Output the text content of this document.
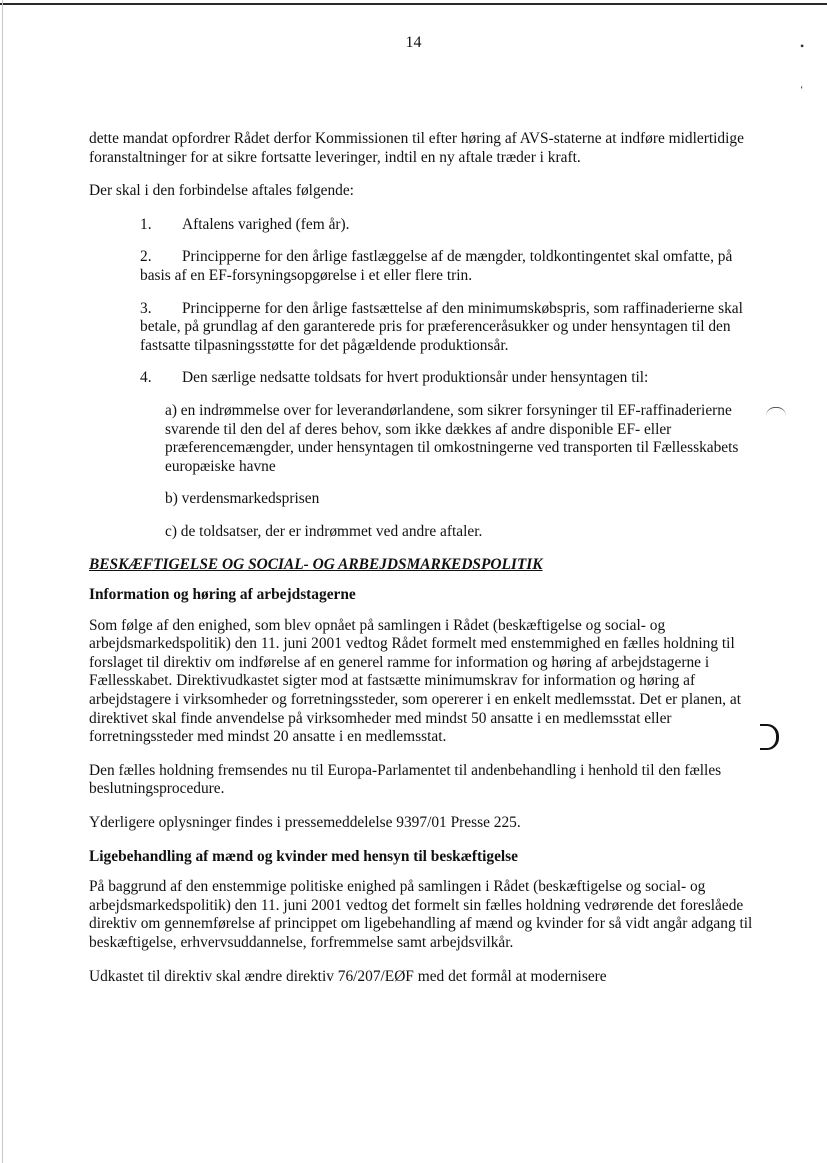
14	•
ʻ

dette mandat opfordrer Rådet derfor Kommissionen til efter høring af AVS-staterne at indføre midlertidige foranstaltninger for at sikre fortsatte leveringer, indtil en ny aftale træder i kraft.

Der skal i den forbindelse aftales følgende:

1. Aftalens varighed (fem år).
2. Principperne for den årlige fastlæggelse af de mængder, toldkontingentet skal omfatte, på basis af en EF-forsyningsopgørelse i et eller flere trin.
3. Principperne for den årlige fastsættelse af den minimumskøbspris, som raffinaderierne skal betale, på grundlag af den garanterede pris for præferenceråsukker og under hensyntagen til den fastsatte tilpasningsstøtte for det pågældende produktionsår.
4. Den særlige nedsatte toldsats for hvert produktionsår under hensyntagen til:
a) en indrømmelse over for leverandørlandene, som sikrer forsyninger til EF-raffinaderierne svarende til den del af deres behov, som ikke dækkes af andre disponible EF- eller præferencemængder, under hensyntagen til omkostningerne ved transporten til Fællesskabets europæiske havne
b) verdensmarkedsprisen
c) de toldsatser, der er indrømmet ved andre aftaler.
BESKÆFTIGELSE OG SOCIAL- OG ARBEJDSMARKEDSPOLITIK
Information og høring af arbejdstagerne

Som følge af den enighed, som blev opnået på samlingen i Rådet (beskæftigelse og social- og arbejdsmarkedspolitik) den 11. juni 2001 vedtog Rådet formelt med enstemmighed en fælles holdning til forslaget til direktiv om indførelse af en generel ramme for information og høring af arbejdstagerne i Fællesskabet. Direktivudkastet sigter mod at fastsætte minimumskrav for information og høring af arbejdstagere i virksomheder og forretningssteder, som opererer i en enkelt medlemsstat. Det er planen, at direktivet skal finde anvendelse på virksomheder med mindst 50 ansatte i en medlemsstat eller forretningssteder med mindst 20 ansatte i en medlemsstat.

Den fælles holdning fremsendes nu til Europa-Parlamentet til andenbehandling i henhold til den fælles beslutningsprocedure.

Yderligere oplysninger findes i pressemeddelelse 9397/01 Presse 225.

Ligebehandling af mænd og kvinder med hensyn til beskæftigelse

På baggrund af den enstemmige politiske enighed på samlingen i Rådet (beskæftigelse og social- og arbejdsmarkedspolitik) den 11. juni 2001 vedtog det formelt sin fælles holdning vedrørende det foreslåede direktiv om gennemførelse af princippet om ligebehandling af mænd og kvinder for så vidt angår adgang til beskæftigelse, erhvervsuddannelse, forfremmelse samt arbejdsvilkår.

Udkastet til direktiv skal ændre direktiv 76/207/EØF med det formål at modernisere
